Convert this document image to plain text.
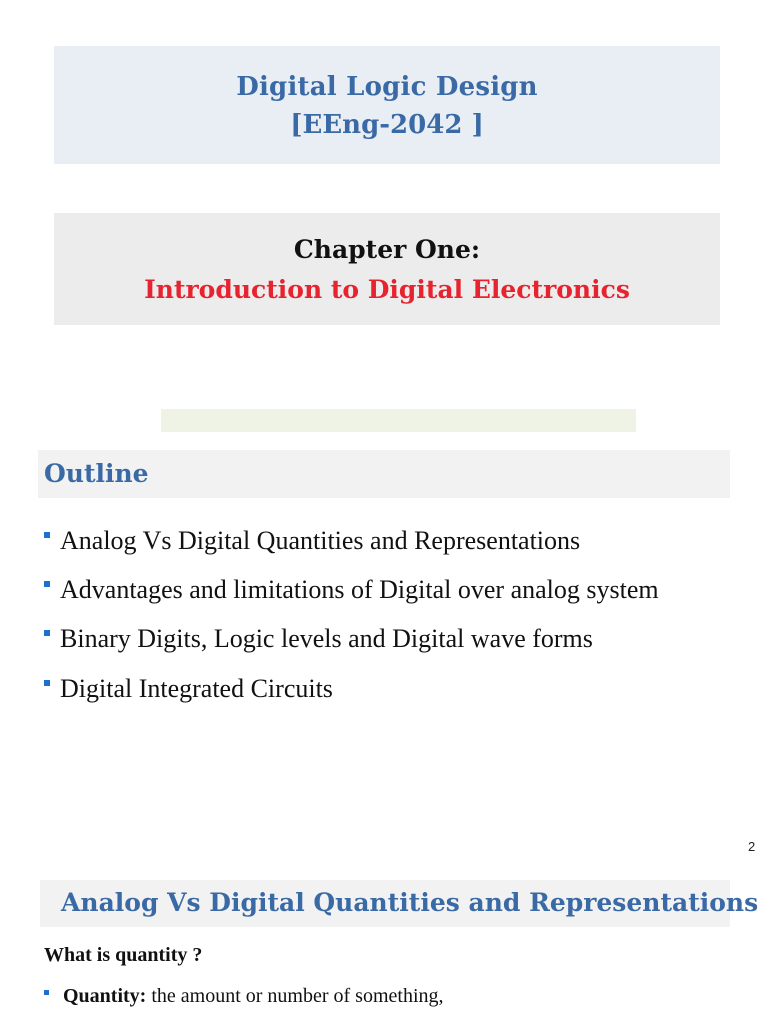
Digital Logic Design
[EEng-2042 ]
Chapter One:
Introduction to Digital Electronics
Outline
Analog Vs Digital Quantities and Representations
Advantages and limitations of Digital over analog system
Binary Digits, Logic levels and Digital wave forms
Digital Integrated Circuits
2
Analog Vs Digital Quantities and Representations
What is quantity ?
Quantity: the amount or number of something,
